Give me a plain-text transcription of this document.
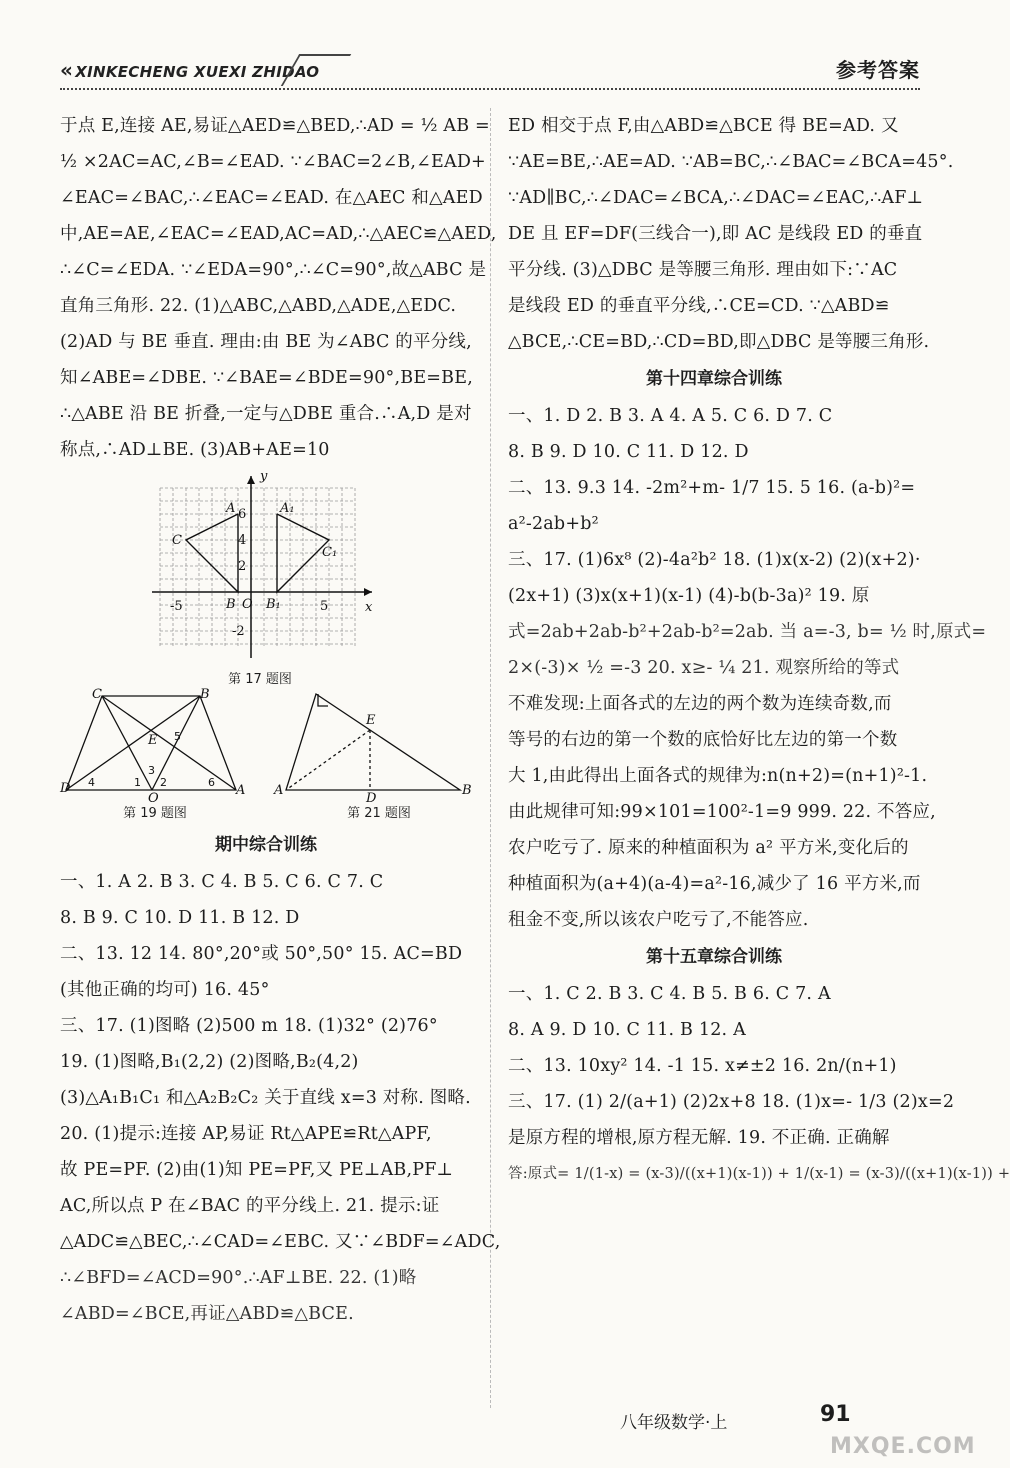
« XINKECHENG XUEXI ZHIDAO	参考答案
于点 E,连接 AE,易证△AED≌△BED,∴AD = ½ AB =
½ ×2AC=AC,∠B=∠EAD. ∵∠BAC=2∠B,∠EAD+
∠EAC=∠BAC,∴∠EAC=∠EAD. 在△AEC 和△AED
中,AE=AE,∠EAC=∠EAD,AC=AD,∴△AEC≌△AED,
∴∠C=∠EDA. ∵∠EDA=90°,∴∠C=90°,故△ABC 是
直角三角形. 22. (1)△ABC,△ABD,△ADE,△EDC.
(2)AD 与 BE 垂直. 理由:由 BE 为∠ABC 的平分线,
知∠ABE=∠DBE. ∵∠BAE=∠BDE=90°,BE=BE,
∴△ABE 沿 BE 折叠,一定与△DBE 重合.∴A,D 是对
称点,∴AD⊥BE. (3)AB+AE=10
y
x
6
4
2
-2
-5	5
O
A	A₁
C
C₁
B B₁
第 17 题图
C	B
E
D
O
A
4	1
3
2	6
5
E
A
D
B
第 19 题图	第 21 题图
期中综合训练
一、1. A 2. B 3. C 4. B 5. C 6. C 7. C
8. B 9. C 10. D 11. B 12. D
二、13. 12 14. 80°,20°或 50°,50° 15. AC=BD
(其他正确的均可) 16. 45°
三、17. (1)图略 (2)500 m 18. (1)32° (2)76°
19. (1)图略,B₁(2,2) (2)图略,B₂(4,2)
(3)△A₁B₁C₁ 和△A₂B₂C₂ 关于直线 x=3 对称. 图略.
20. (1)提示:连接 AP,易证 Rt△APE≌Rt△APF,
故 PE=PF. (2)由(1)知 PE=PF,又 PE⊥AB,PF⊥
AC,所以点 P 在∠BAC 的平分线上. 21. 提示:证
△ADC≌△BEC,∴∠CAD=∠EBC. 又∵∠BDF=∠ADC,
∴∠BFD=∠ACD=90°.∴AF⊥BE. 22. (1)略
∠ABD=∠BCE,再证△ABD≌△BCE.
ED 相交于点 F,由△ABD≌△BCE 得 BE=AD. 又
∵AE=BE,∴AE=AD. ∵AB=BC,∴∠BAC=∠BCA=45°.
∵AD∥BC,∴∠DAC=∠BCA,∴∠DAC=∠EAC,∴AF⊥
DE 且 EF=DF(三线合一),即 AC 是线段 ED 的垂直
平分线. (3)△DBC 是等腰三角形. 理由如下:∵AC
是线段 ED 的垂直平分线,∴CE=CD. ∵△ABD≌
△BCE,∴CE=BD,∴CD=BD,即△DBC 是等腰三角形.
第十四章综合训练
一、1. D 2. B 3. A 4. A 5. C 6. D 7. C
8. B 9. D 10. C 11. D 12. D
二、13. 9.3 14. -2m²+m- 1/7 15. 5 16. (a-b)²=
a²-2ab+b²
三、17. (1)6x⁸ (2)-4a²b² 18. (1)x(x-2) (2)(x+2)·
(2x+1) (3)x(x+1)(x-1) (4)-b(b-3a)² 19. 原
式=2ab+2ab-b²+2ab-b²=2ab. 当 a=-3, b= ½ 时,原式=
2×(-3)× ½ =-3 20. x≥- ¼ 21. 观察所给的等式
不难发现:上面各式的左边的两个数为连续奇数,而
等号的右边的第一个数的底恰好比左边的第一个数
大 1,由此得出上面各式的规律为:n(n+2)=(n+1)²-1.
由此规律可知:99×101=100²-1=9 999. 22. 不答应,
农户吃亏了. 原来的种植面积为 a² 平方米,变化后的
种植面积为(a+4)(a-4)=a²-16,减少了 16 平方米,而
租金不变,所以该农户吃亏了,不能答应.
第十五章综合训练
一、1. C 2. B 3. C 4. B 5. B 6. C 7. A
8. A 9. D 10. C 11. B 12. A
二、13. 10xy² 14. -1 15. x≠±2 16. 2n/(n+1)
三、17. (1) 2/(a+1) (2)2x+8 18. (1)x=- 1/3 (2)x=2
是原方程的增根,原方程无解. 19. 不正确. 正确解
答:原式= 1/(1-x) = (x-3)/((x+1)(x-1)) + 1/(x-1) = (x-3)/((x+1)(x-1)) +
八年级数学·上	91
MXQE.COM
